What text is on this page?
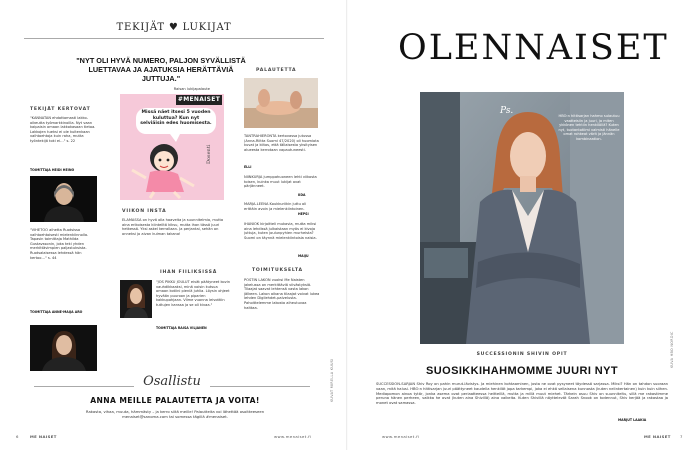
TEKIJÄT ♥ LUKIJAT
"NYT OLI HYVÄ NUMERO, PALJON SYVÄLLISTÄ LUETTAVAA JA AJATUKSIA HERÄTTÄVIÄ JUTTUJA."
Raisan lukijapalaute
TEKIJÄT KERTOVAT
"KANNATAN ehdottomasti lakko-oikeutta työmarkkinoilla. Nyt vaan kaipaisin omaan lakkokasaan tietoa. Lakkojen tueksi ei ole kuitenkaan vaihtoehtoja kuin raha, mutta työntekijä toki ei…" s. 22
TOIMITTAJA HEIDI HEINO
"VIHETOO aihetta Ruotsissa vaihtoehtoisesti mielenkiinnolla. Tapasin toimittaja Mathilda Gustavssonin, joka teki yhden merkittävimpien paljastuksista. Ruotsalaisessa lehdessä hän kertoo…" s. 44
TOIMITTAJA ANNE-MAIJA ARO
#MENAISET
Missä näet itsesi 5 vuoden kuluttua? Kun nyt selviäisin edes huomisesta.
Dosenti
VIIKON INSTA
ELÄMÄSSÄ on hyvä olla haaveita ja suunnitelmia, mutta aina erikoisesta kiinteiltä kiksu, mutta ihan tässä juuri hetkessä. Yksi askel kerrallaan. Ja perjantai, sehän on onneksi jo aivan kulman takana!
IHAN FIILIKSISSÄ
"JOS PIKKU JOULUT eivät päätyneet kovin vauhdikkaaksi, minä voisin kutsua omaan kotiini pieniä juhlia. Löysin ohjeet hyvään puuroon ja piparien kakkupohjaan. Viime vuonna leivottiin tuttujen kanssa ja se oli kivaa."
TOIMITTAJA RAISA VILJANEN
PALAUTETTA
TANTRAHIERONTA kertovassa jutussa (Anna-Riitta Suomi 47/2020) oli huomiota kuvat ja kiitos, että tällaisesta yksityisen alueesta kerrotaan vapautuneesti.
ELLI
NIINKURJA jumppahuoneen lehti viikosta toisen, kuinka muut lukijat ovat pärjänneet.
IIDA
MARJA-LEENA Koukkuriikin juttu oli erittäin avoin ja mielenkiintoinen.
HEPSI
IHANIOK kirjoitteli mukavia, mutta miksi aina lehdissä julkaistaan myös ei kivoja juttuja, kuten joulunpyhien murheista? Suomi on täynnä mielenkiintoisia naisia.
MAIJU
TOIMITUKSELTA
POSTIN LAKON vuoksi Me Naisten jakelussa on merkittäviä viivästyksiä. Tilaajat saavat lehtensä vasta lakon jälkeen. Lakon aikana tilaajat voivat lukea lehden Digilehdet-palvelusta. Pahoittelemme lakosta aiheutuvaa haittaa.
KUVAT MIRELLA KUUSI
Osallistu
ANNA MEILLE PALAUTETTA JA VOITA!
Rakasta, vihaa, muuta, hämmästy – ja kerro siitä meille! Palautteita voi lähettää osoitteeseen menaiset@sanoma.com tai somessa tägillä #menaiset.
6	ME NAISET	www.menaiset.fi
OLENNAISET
Ps.	HBO:n hittisarjan hahmo sulautuu vaatteisiin ja juuri, ja miten ykkönen tehtiin henkilöllä? Kuten nyt, tuotantotiimi valmisti hänelle omat rohkeat värit ja jännän kombinaation.
KUVA HBO NORDIC
SUCCESSIONIN SHIVIN OPIT
SUOSIKKIHAHMOMME JUURI NYT
SUCCESSION-SARJAN Shiv Roy on pahin murut-lävistys. Ja miehinen kohtaaminen, josta ne ovat pysyneet täydessä sarjassa. Miksi? Hän on tahdon suoraan vaan, mitä halusi. HBO:n hittisarjan juuri päättyneet kaudella henkilöt jopa tarkempi, joka ei ehkä sellaisena kunnosta (kuten nelinkertainen) kuin kuin siihen. Mediapomon ainoa tytär, jonka asema ovat periaatteessa heitteillä, mutta ja millä muut miehet. Tärkein osuu Shiv on suunniteltu, sillä me rakastimme peruna hänen perheen, vaikka he ovat (kuten aina Shivillä) aina vaikeita. Kuten Shivillä näyttelevät Sarah Snook on todennut, Shiv kerjää ja rakastaa ja monet ovat samassa.
MARJUT LAAKIA
www.menaiset.fi	ME NAISET 7
